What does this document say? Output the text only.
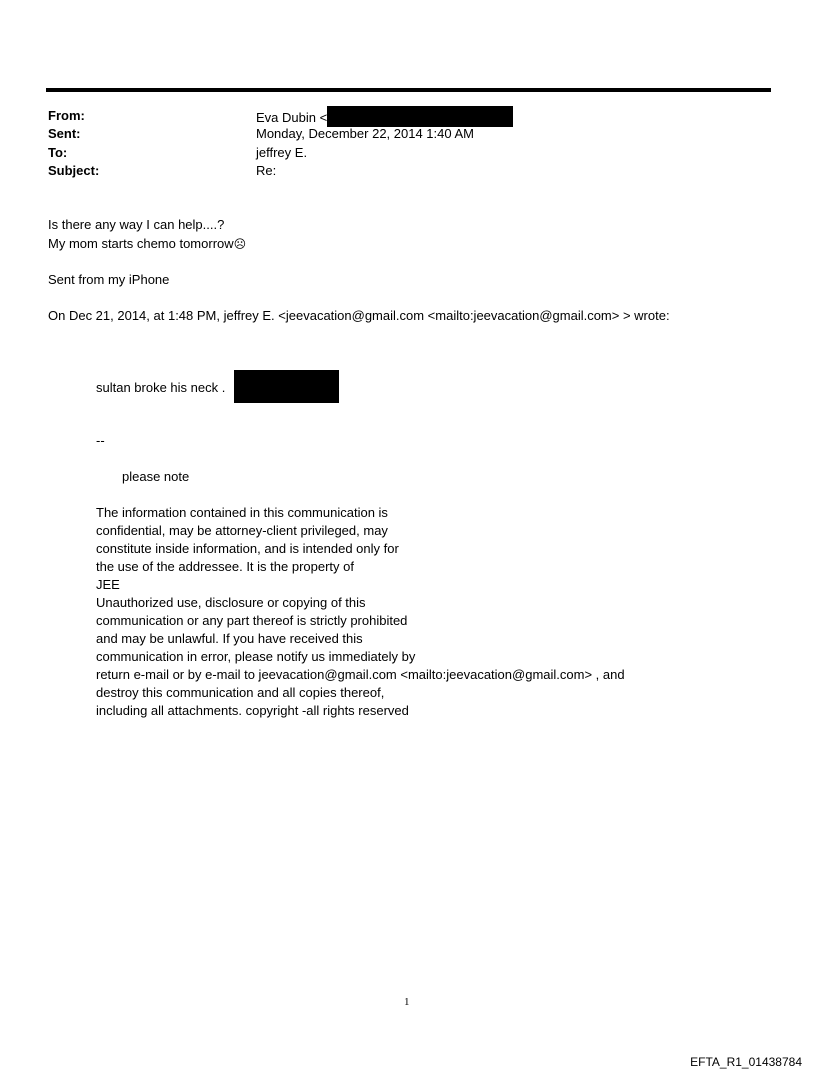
From:	Eva Dubin <
Sent:	Monday, December 22, 2014 1:40 AM
To:	jeffrey E.
Subject:	Re:
Is there any way I can help....?
My mom starts chemo tomorrow☹
Sent from my iPhone
On Dec 21, 2014, at 1:48 PM, jeffrey E. <jeevacation@gmail.com <mailto:jeevacation@gmail.com> > wrote:
sultan broke his neck .
--
please note
The information contained in this communication is
confidential, may be attorney-client privileged, may
constitute inside information, and is intended only for
the use of the addressee. It is the property of
JEE
Unauthorized use, disclosure or copying of this
communication or any part thereof is strictly prohibited
and may be unlawful. If you have received this
communication in error, please notify us immediately by
return e-mail or by e-mail to jeevacation@gmail.com <mailto:jeevacation@gmail.com> , and
destroy this communication and all copies thereof,
including all attachments. copyright -all rights reserved
1
EFTA_R1_01438784
